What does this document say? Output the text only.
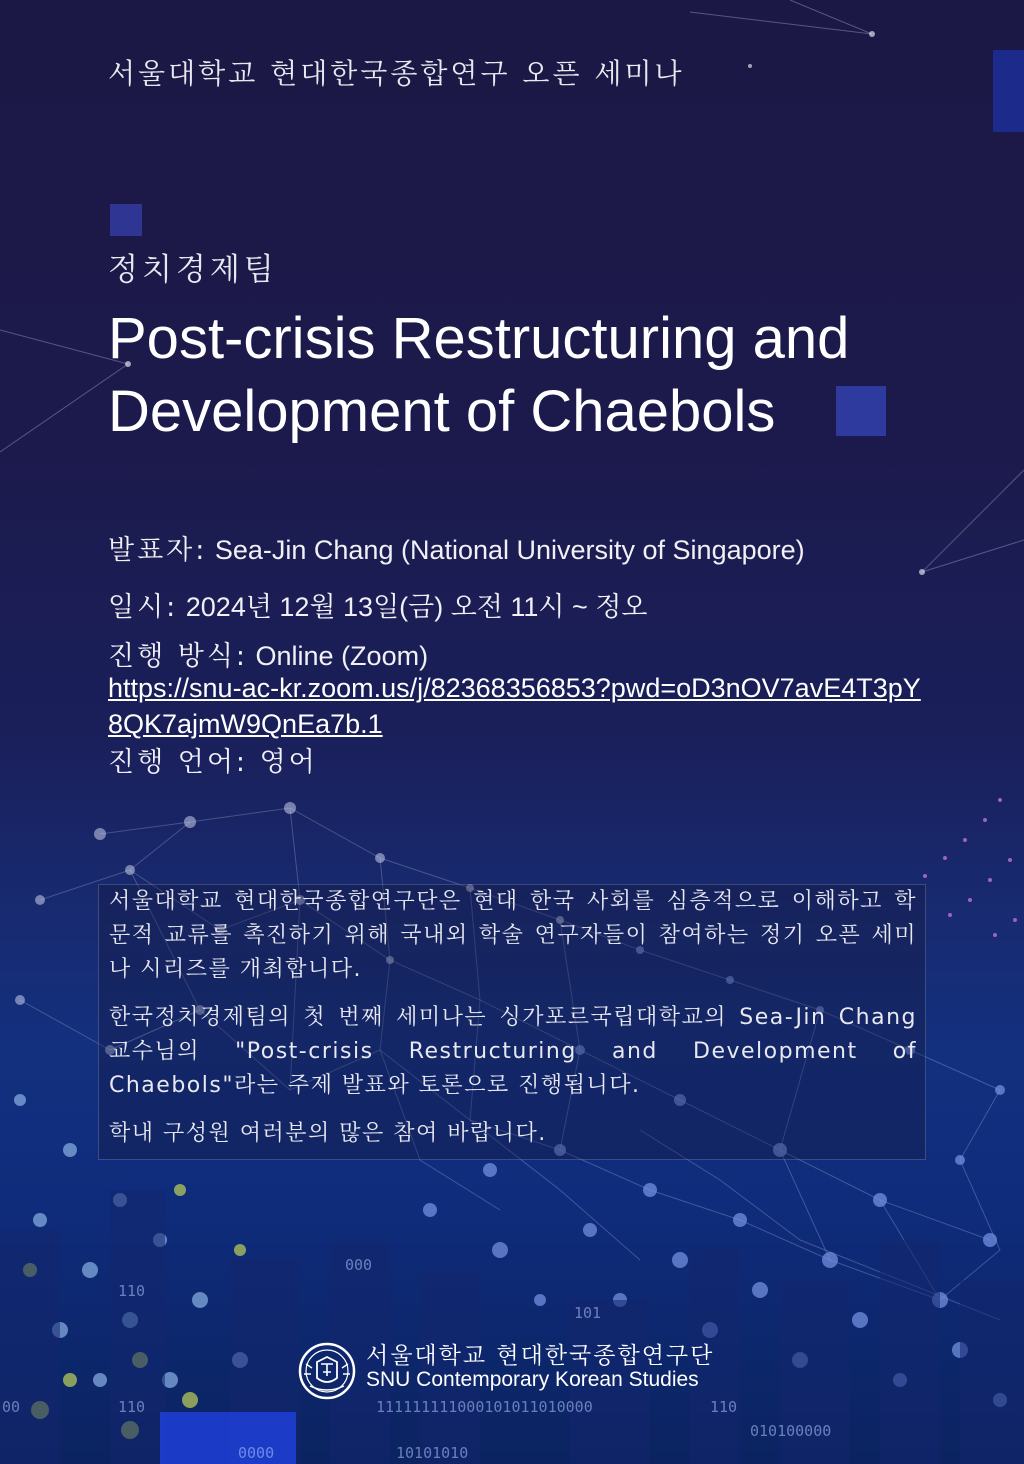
00	110	111111111000101011010000	110
010100000
110
000
101
0000	10101010
서울대학교 현대한국종합연구 오픈 세미나
정치경제팀
Post-crisis Restructuring and
Development of Chaebols
발표자: Sea-Jin Chang (National University of Singapore)
일시: 2024년 12월 13일(금) 오전 11시 ~ 정오
진행 방식: Online (Zoom)
https://snu-ac-kr.zoom.us/j/82368356853?pwd=oD3nOV7avE4T3pY8QK7ajmW9QnEa7b.1
진행 언어: 영어
서울대학교 현대한국종합연구단은 현대 한국 사회를 심층적으로 이해하고 학문적 교류를 촉진하기 위해 국내외 학술 연구자들이 참여하는 정기 오픈 세미나 시리즈를 개최합니다.
한국정치경제팀의 첫 번째 세미나는 싱가포르국립대학교의 Sea-Jin Chang 교수님의 "Post-crisis Restructuring and Development of Chaebols"라는 주제 발표와 토론으로 진행됩니다.
학내 구성원 여러분의 많은 참여 바랍니다.
서울대학교 현대한국종합연구단
SNU Contemporary Korean Studies
